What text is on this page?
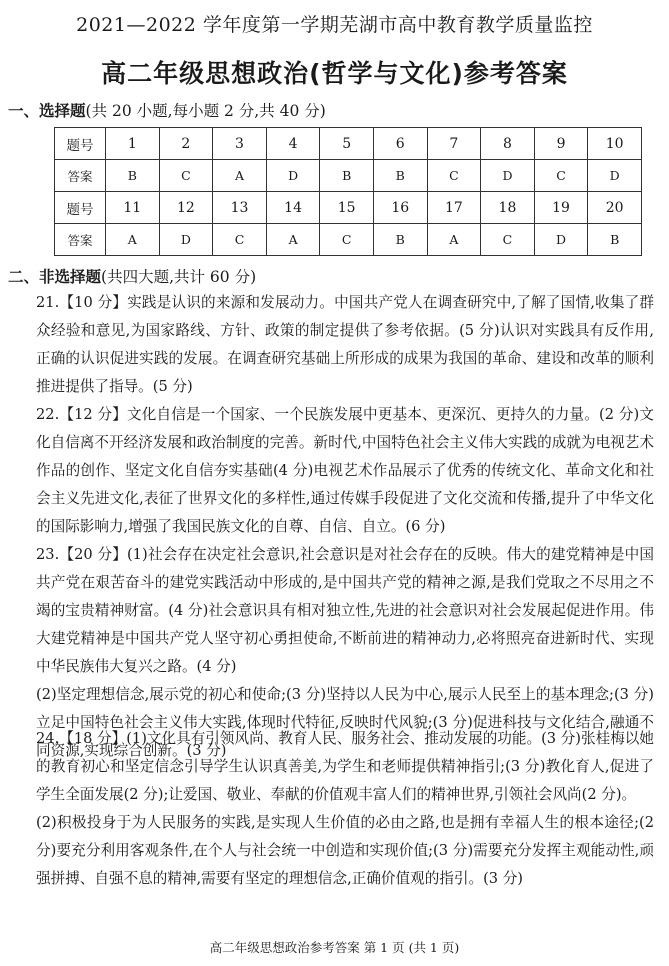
2021—2022 学年度第一学期芜湖市高中教育教学质量监控
高二年级思想政治(哲学与文化)参考答案
一、选择题(共 20 小题,每小题 2 分,共 40 分)
题号	1	2	3	4	5	6	7	8	9	10
答案	B	C	A	D	B	B	C	D	C	D
题号	11	12	13	14	15	16	17	18	19	20
答案	A	D	C	A	C	B	A	C	D	B
二、非选择题(共四大题,共计 60 分)

21.【10 分】实践是认识的来源和发展动力。中国共产党人在调查研究中,了解了国情,收集了群众经验和意见,为国家路线、方针、政策的制定提供了参考依据。(5 分)认识对实践具有反作用,正确的认识促进实践的发展。在调查研究基础上所形成的成果为我国的革命、建设和改革的顺利推进提供了指导。(5 分)

22.【12 分】文化自信是一个国家、一个民族发展中更基本、更深沉、更持久的力量。(2 分)文化自信离不开经济发展和政治制度的完善。新时代,中国特色社会主义伟大实践的成就为电视艺术作品的创作、坚定文化自信夯实基础(4 分)电视艺术作品展示了优秀的传统文化、革命文化和社会主义先进文化,表征了世界文化的多样性,通过传媒手段促进了文化交流和传播,提升了中华文化的国际影响力,增强了我国民族文化的自尊、自信、自立。(6 分)

23.【20 分】(1)社会存在决定社会意识,社会意识是对社会存在的反映。伟大的建党精神是中国共产党在艰苦奋斗的建党实践活动中形成的,是中国共产党的精神之源,是我们党取之不尽用之不竭的宝贵精神财富。(4 分)社会意识具有相对独立性,先进的社会意识对社会发展起促进作用。伟大建党精神是中国共产党人坚守初心勇担使命,不断前进的精神动力,必将照亮奋进新时代、实现中华民族伟大复兴之路。(4 分)

(2)坚定理想信念,展示党的初心和使命;(3 分)坚持以人民为中心,展示人民至上的基本理念;(3 分)立足中国特色社会主义伟大实践,体现时代特征,反映时代风貌;(3 分)促进科技与文化结合,融通不同资源,实现综合创新。(3 分)

24.【18 分】(1)文化具有引领风尚、教育人民、服务社会、推动发展的功能。(3 分)张桂梅以她的教育初心和坚定信念引导学生认识真善美,为学生和老师提供精神指引;(3 分)教化育人,促进了学生全面发展(2 分);让爱国、敬业、奉献的价值观丰富人们的精神世界,引领社会风尚(2 分)。

(2)积极投身于为人民服务的实践,是实现人生价值的必由之路,也是拥有幸福人生的根本途径;(2 分)要充分利用客观条件,在个人与社会统一中创造和实现价值;(3 分)需要充分发挥主观能动性,顽强拼搏、自强不息的精神,需要有坚定的理想信念,正确价值观的指引。(3 分)

高二年级思想政治参考答案 第 1 页 (共 1 页)
